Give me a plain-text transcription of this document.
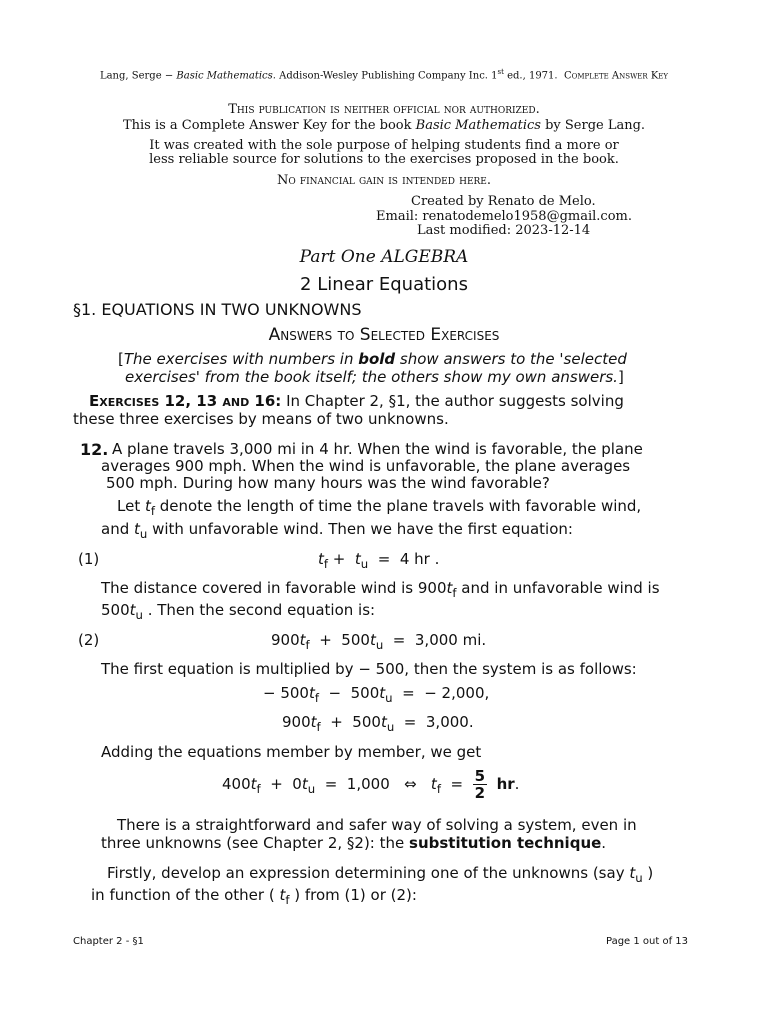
Lang, Serge − Basic Mathematics. Addison-Wesley Publishing Company Inc. 1st ed., 1971. Complete Answer Key
This publication is neither official nor authorized.
This is a Complete Answer Key for the book Basic Mathematics by Serge Lang.
It was created with the sole purpose of helping students find a more or
less reliable source for solutions to the exercises proposed in the book.
No financial gain is intended here.
Created by Renato de Melo.
Email: renatodemelo1958@gmail.com.
Last modified: 2023-12-14
Part One ALGEBRA
2 Linear Equations
§1. EQUATIONS IN TWO UNKNOWNS
Answers to Selected Exercises
[The exercises with numbers in bold show answers to the 'selected
exercises' from the book itself; the others show my own answers.]
Exercises 12, 13 and 16: In Chapter 2, §1, the author suggests solving
these three exercises by means of two unknowns.
12. A plane travels 3,000 mi in 4 hr. When the wind is favorable, the plane
averages 900 mph. When the wind is unfavorable, the plane averages
500 mph. During how many hours was the wind favorable?
Let $t_f$ denote the length of time the plane travels with favorable wind,
and $t_u$ with unfavorable wind. Then we have the first equation:
(1)	$t_f + t_u = 4$ hr .
The distance covered in favorable wind is $900t_f$ and in unfavorable wind is
$500t_u$ . Then the second equation is:
(2)	$900t_f + 500t_u = 3,000$ mi.
The first equation is multiplied by − 500, then the system is as follows:
− $500t_f - 500t_u$  =  − 2,000,
$900t_f + 500t_u = 3,000$.
Adding the equations member by member, we get
$400t_f + 0t_u = 1,000$   ⇔   $t_f = \frac{5}{2}$ hr.
There is a straightforward and safer way of solving a system, even in
three unknowns (see Chapter 2, §2): the substitution technique.
Firstly, develop an expression determining one of the unknowns (say $t_u$ )
in function of the other ( $t_f$ ) from (1) or (2):
Chapter 2 - §1	Page 1 out of 13
